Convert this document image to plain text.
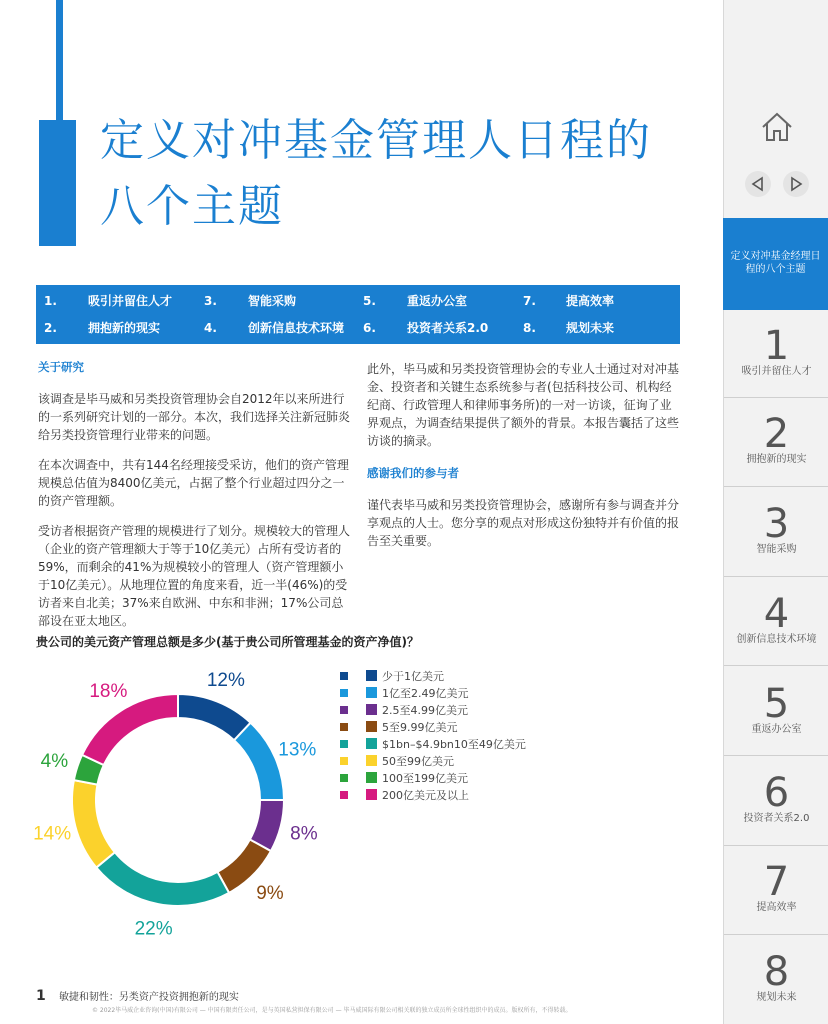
定义对冲基金管理人日程的
八个主题
1.	吸引并留住人才
2.	拥抱新的现实
3.	智能采购
4.	创新信息技术环境
5.	重返办公室
6.	投资者关系2.0
7.	提高效率
8.	规划未来
关于研究

该调查是毕马威和另类投资管理协会自2012年以来所进行的一系列研究计划的一部分。本次，我们选择关注新冠肺炎给另类投资管理行业带来的问题。

在本次调查中，共有144名经理接受采访，他们的资产管理规模总估值为8400亿美元，占据了整个行业超过四分之一的资产管理额。

受访者根据资产管理的规模进行了划分。规模较大的管理人（企业的资产管理额大于等于10亿美元）占所有受访者的59%，而剩余的41%为规模较小的管理人（资产管理额小于10亿美元）。从地理位置的角度来看，近一半(46%)的受访者来自北美；37%来自欧洲、中东和非洲；17%公司总部设在亚太地区。

此外，毕马威和另类投资管理协会的专业人士通过对对冲基金、投资者和关键生态系统参与者(包括科技公司、机构经纪商、行政管理人和律师事务所)的一对一访谈，征询了业界观点，为调查结果提供了额外的背景。本报告囊括了这些访谈的摘录。

感谢我们的参与者

谨代表毕马威和另类投资管理协会，感谢所有参与调查并分享观点的人士。您分享的观点对形成这份独特并有价值的报告至关重要。

贵公司的美元资产管理总额是多少(基于贵公司所管理基金的资产净值)？
12%
13%
8%
9%
22%
14%
4%
18%
少于1亿美元
1亿至2.49亿美元
2.5至4.99亿美元
5至9.99亿美元
$1bn–$4.9bn10至49亿美元
50至99亿美元
100至199亿美元
200亿美元及以上
1 敏捷和韧性：另类资产投资拥抱新的现实
© 2022毕马威企业咨询(中国)有限公司 — 中国有限责任公司，是与英国私营担保有限公司 — 毕马威国际有限公司相关联的独立成员所全球性组织中的成员。版权所有，不得转载。
1
吸引并留住人才
2
拥抱新的现实
3
智能采购
4
创新信息技术环境
5
重返办公室
6
投资者关系2.0
7
提高效率
8
规划未来
定义对冲基金经理日程的八个主题
